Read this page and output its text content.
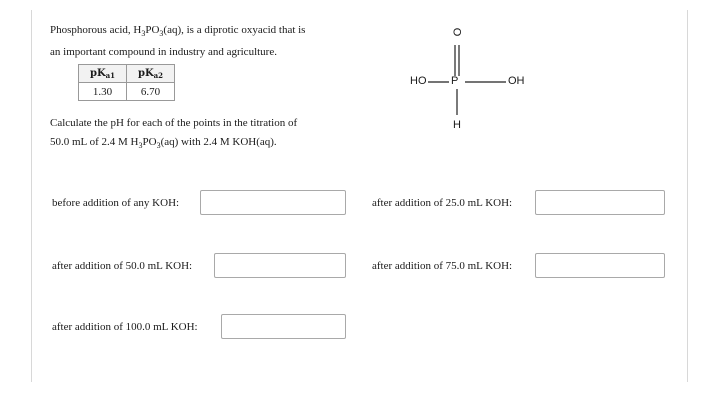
Phosphorous acid, $H_3PO_3(aq)$, is a diprotic oxyacid that is
an important compound in industry and agriculture.
$pK_{a1}$	$pK_{a2}$
1.30	6.70
Calculate the pH for each of the points in the titration of
50.0 mL of 2.4 M $H_3PO_3(aq)$ with 2.4 M KOH(aq).
O
HO P	OH
H
before addition of any KOH:	after addition of 25.0 mL KOH:
after addition of 50.0 mL KOH:	after addition of 75.0 mL KOH:
after addition of 100.0 mL KOH:
